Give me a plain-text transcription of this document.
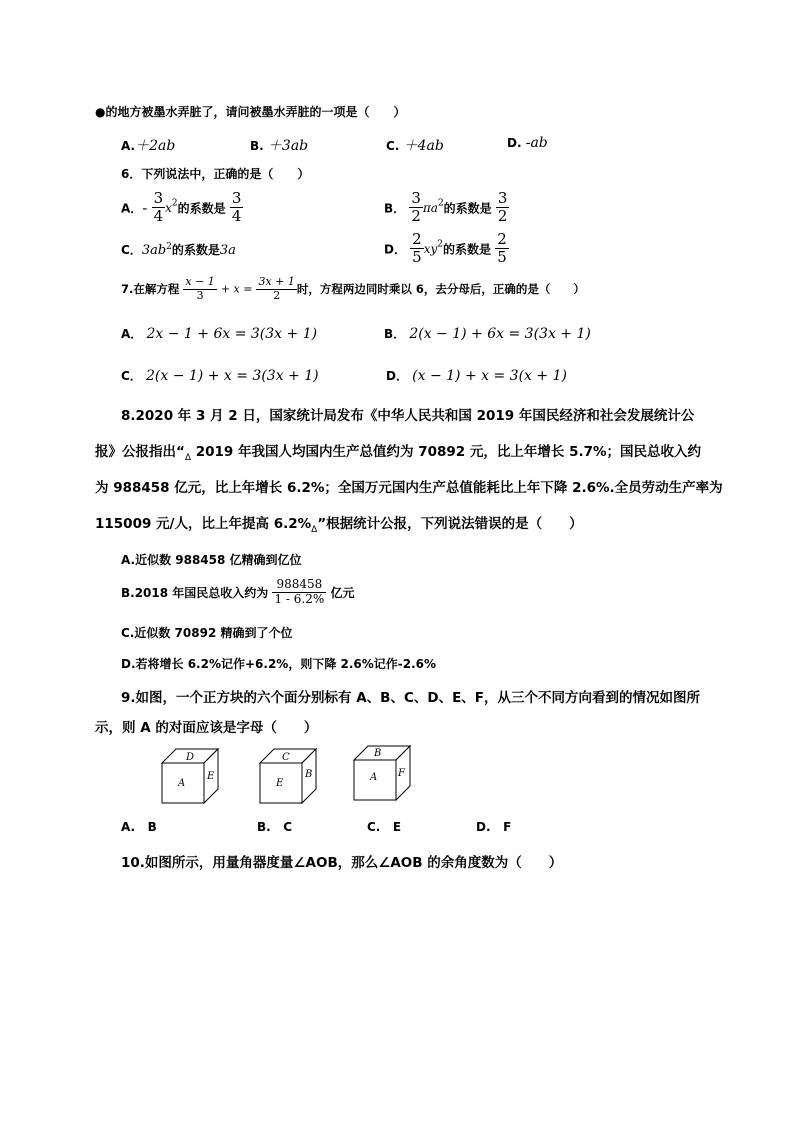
●的地方被墨水弄脏了，请问被墨水弄脏的一项是（　　）
A.＋2ab	B. ＋3ab	C. ＋4ab	D. -ab
6．下列说法中，正确的是（　　）
A．- $\frac{3}{4} x^2$的系数是 $\frac{3}{4}$	B． $\frac{3}{2} \pi a^2$的系数是 $\frac{3}{2}$
C．$3ab^2$的系数是3a	D． $\frac{2}{5} xy^2$的系数是 $\frac{2}{5}$
7.在解方程 $\frac{x - 1}{3} + x = \frac{3x + 1}{2}$ 时，方程两边同时乘以 6，去分母后，正确的是（　　）
A． 2x − 1 + 6x = 3(3x + 1)	B． 2(x − 1) + 6x = 3(3x + 1)
C． 2(x − 1) + x = 3(3x + 1)	D． (x − 1) + x = 3(x + 1)
8.2020 年 3 月 2 日，国家统计局发布《中华人民共和国 2019 年国民经济和社会发展统计公
报》公报指出“$_\Delta$ 2019 年我国人均国内生产总值约为 70892 元，比上年增长 5.7%；国民总收入约
为 988458 亿元，比上年增长 6.2%；全国万元国内生产总值能耗比上年下降 2.6%.全员劳动生产率为
115009 元/人，比上年提高 $6.2\%_\Delta$”根据统计公报，下列说法错误的是（　　）
A.近似数 988458 亿精确到亿位
B.2018 年国民总收入约为 $\frac{988458}{1 - 6.2\%}$ 亿元
C.近似数 70892 精确到了个位
D.若将增长 6.2%记作+6.2%，则下降 2.6%记作-2.6%
9.如图，一个正方块的六个面分别标有 A、B、C、D、E、F，从三个不同方向看到的情况如图所
示，则 A 的对面应该是字母（　　）
D
A
E
C
E
B
B
A F
A. B	B. C	C. E	D. F
10.如图所示，用量角器度量∠AOB，那么∠AOB 的余角度数为（　　）
